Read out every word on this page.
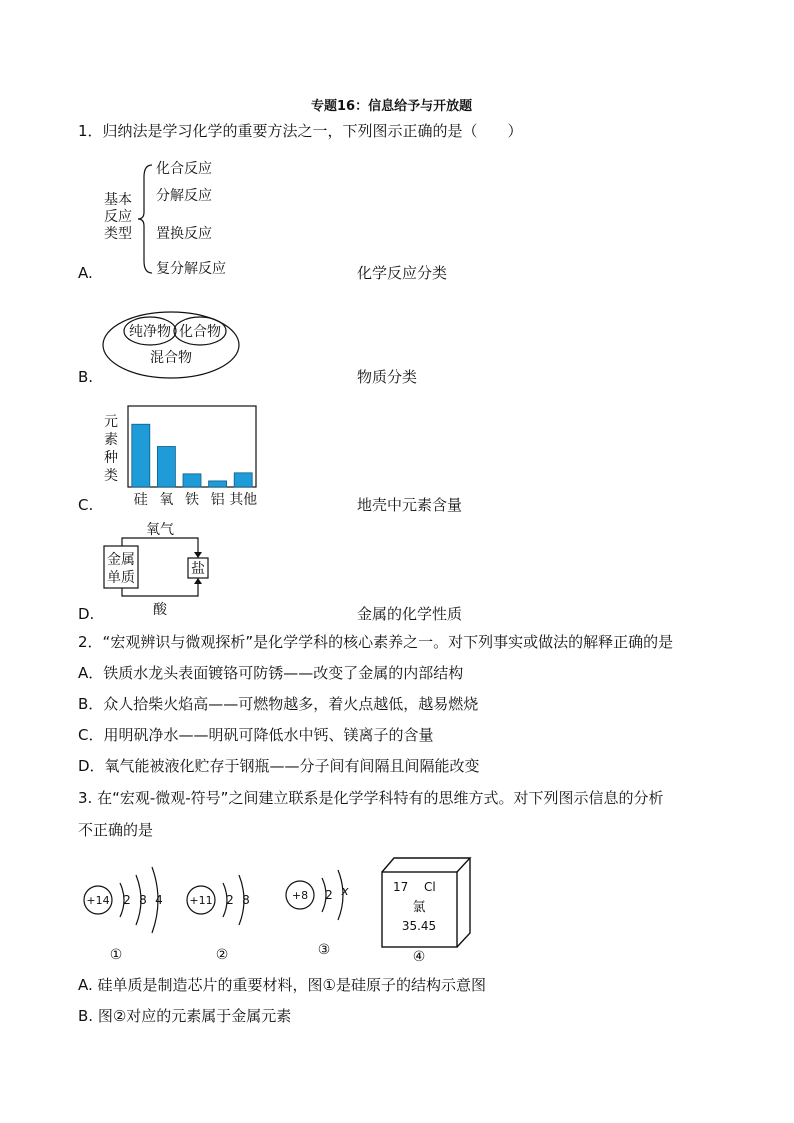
专题16：信息给予与开放题
1．归纳法是学习化学的重要方法之一，下列图示正确的是（　　）
基本
反应
类型
化合反应
分解反应
置换反应
复分解反应
A.	化学反应分类
纯净物 化合物
混合物
B.	物质分类
元
素
种
类
硅 氧 铁 铝 其他
C.	地壳中元素含量
氧气
金属
单质
盐
酸
D.	金属的化学性质
2．“宏观辨识与微观探析”是化学学科的核心素养之一。对下列事实或做法的解释正确的是
A．铁质水龙头表面镀铬可防锈——改变了金属的内部结构
B．众人拾柴火焰高——可燃物越多，着火点越低，越易燃烧
C．用明矾净水——明矾可降低水中钙、镁离子的含量
D．氧气能被液化贮存于钢瓶——分子间有间隔且间隔能改变
3. 在“宏观-微观-符号”之间建立联系是化学学科特有的思维方式。对下列图示信息的分析
不正确的是
+14 2 8 4
①
+11 2 8
②
+8 2 x
③
17 Cl
氯
35.45
④
A. 硅单质是制造芯片的重要材料，图①是硅原子的结构示意图
B. 图②对应的元素属于金属元素
